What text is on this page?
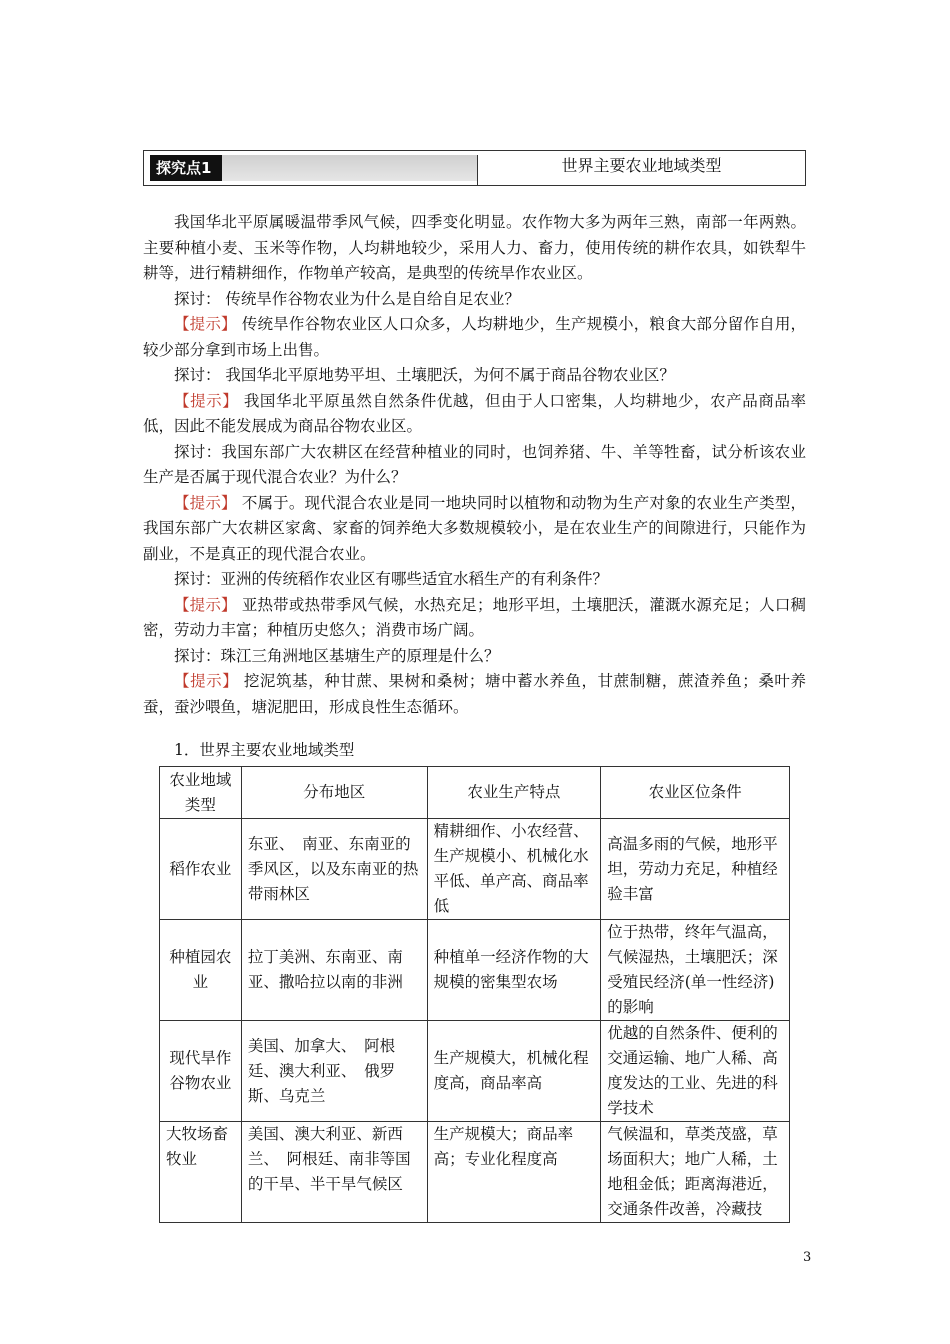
探究点1	世界主要农业地域类型

我国华北平原属暖温带季风气候，四季变化明显。农作物大多为两年三熟，南部一年两熟。主要种植小麦、玉米等作物，人均耕地较少，采用人力、畜力，使用传统的耕作农具，如铁犁牛耕等，进行精耕细作，作物单产较高，是典型的传统旱作农业区。

探讨： 传统旱作谷物农业为什么是自给自足农业？

【提示】 传统旱作谷物农业区人口众多，人均耕地少，生产规模小，粮食大部分留作自用，较少部分拿到市场上出售。

探讨： 我国华北平原地势平坦、土壤肥沃，为何不属于商品谷物农业区？

【提示】 我国华北平原虽然自然条件优越，但由于人口密集，人均耕地少，农产品商品率低，因此不能发展成为商品谷物农业区。

探讨：我国东部广大农耕区在经营种植业的同时，也饲养猪、牛、羊等牲畜，试分析该农业生产是否属于现代混合农业？为什么？

【提示】 不属于。现代混合农业是同一地块同时以植物和动物为生产对象的农业生产类型，我国东部广大农耕区家禽、家畜的饲养绝大多数规模较小，是在农业生产的间隙进行，只能作为副业，不是真正的现代混合农业。

探讨：亚洲的传统稻作农业区有哪些适宜水稻生产的有利条件？

【提示】 亚热带或热带季风气候，水热充足；地形平坦，土壤肥沃，灌溉水源充足；人口稠密，劳动力丰富；种植历史悠久；消费市场广阔。

探讨：珠江三角洲地区基塘生产的原理是什么？

【提示】 挖泥筑基，种甘蔗、果树和桑树；塘中蓄水养鱼，甘蔗制糖，蔗渣养鱼；桑叶养蚕，蚕沙喂鱼，塘泥肥田，形成良性生态循环。

1．世界主要农业地域类型
农业地域类型	分布地区	农业生产特点	农业区位条件
稻作农业	东亚、　南亚、东南亚的季风区，以及东南亚的热带雨林区	精耕细作、小农经营、生产规模小、机械化水平低、单产高、商品率低	高温多雨的气候，地形平坦，劳动力充足，种植经验丰富
种植园农业	拉丁美洲、东南亚、南亚、撒哈拉以南的非洲	种植单一经济作物的大规模的密集型农场	位于热带，终年气温高，气候湿热，土壤肥沃；深受殖民经济(单一性经济)的影响
现代旱作谷物农业	美国、加拿大、　阿根廷、澳大利亚、　俄罗斯、乌克兰	生产规模大，机械化程度高，商品率高	优越的自然条件、便利的交通运输、地广人稀、高度发达的工业、先进的科学技术
大牧场畜牧业	美国、澳大利亚、新西兰、　阿根廷、南非等国的干旱、半干旱气候区	生产规模大；商品率高；专业化程度高	气候温和，草类茂盛，草场面积大；地广人稀，土地租金低；距离海港近，交通条件改善，冷藏技
3
